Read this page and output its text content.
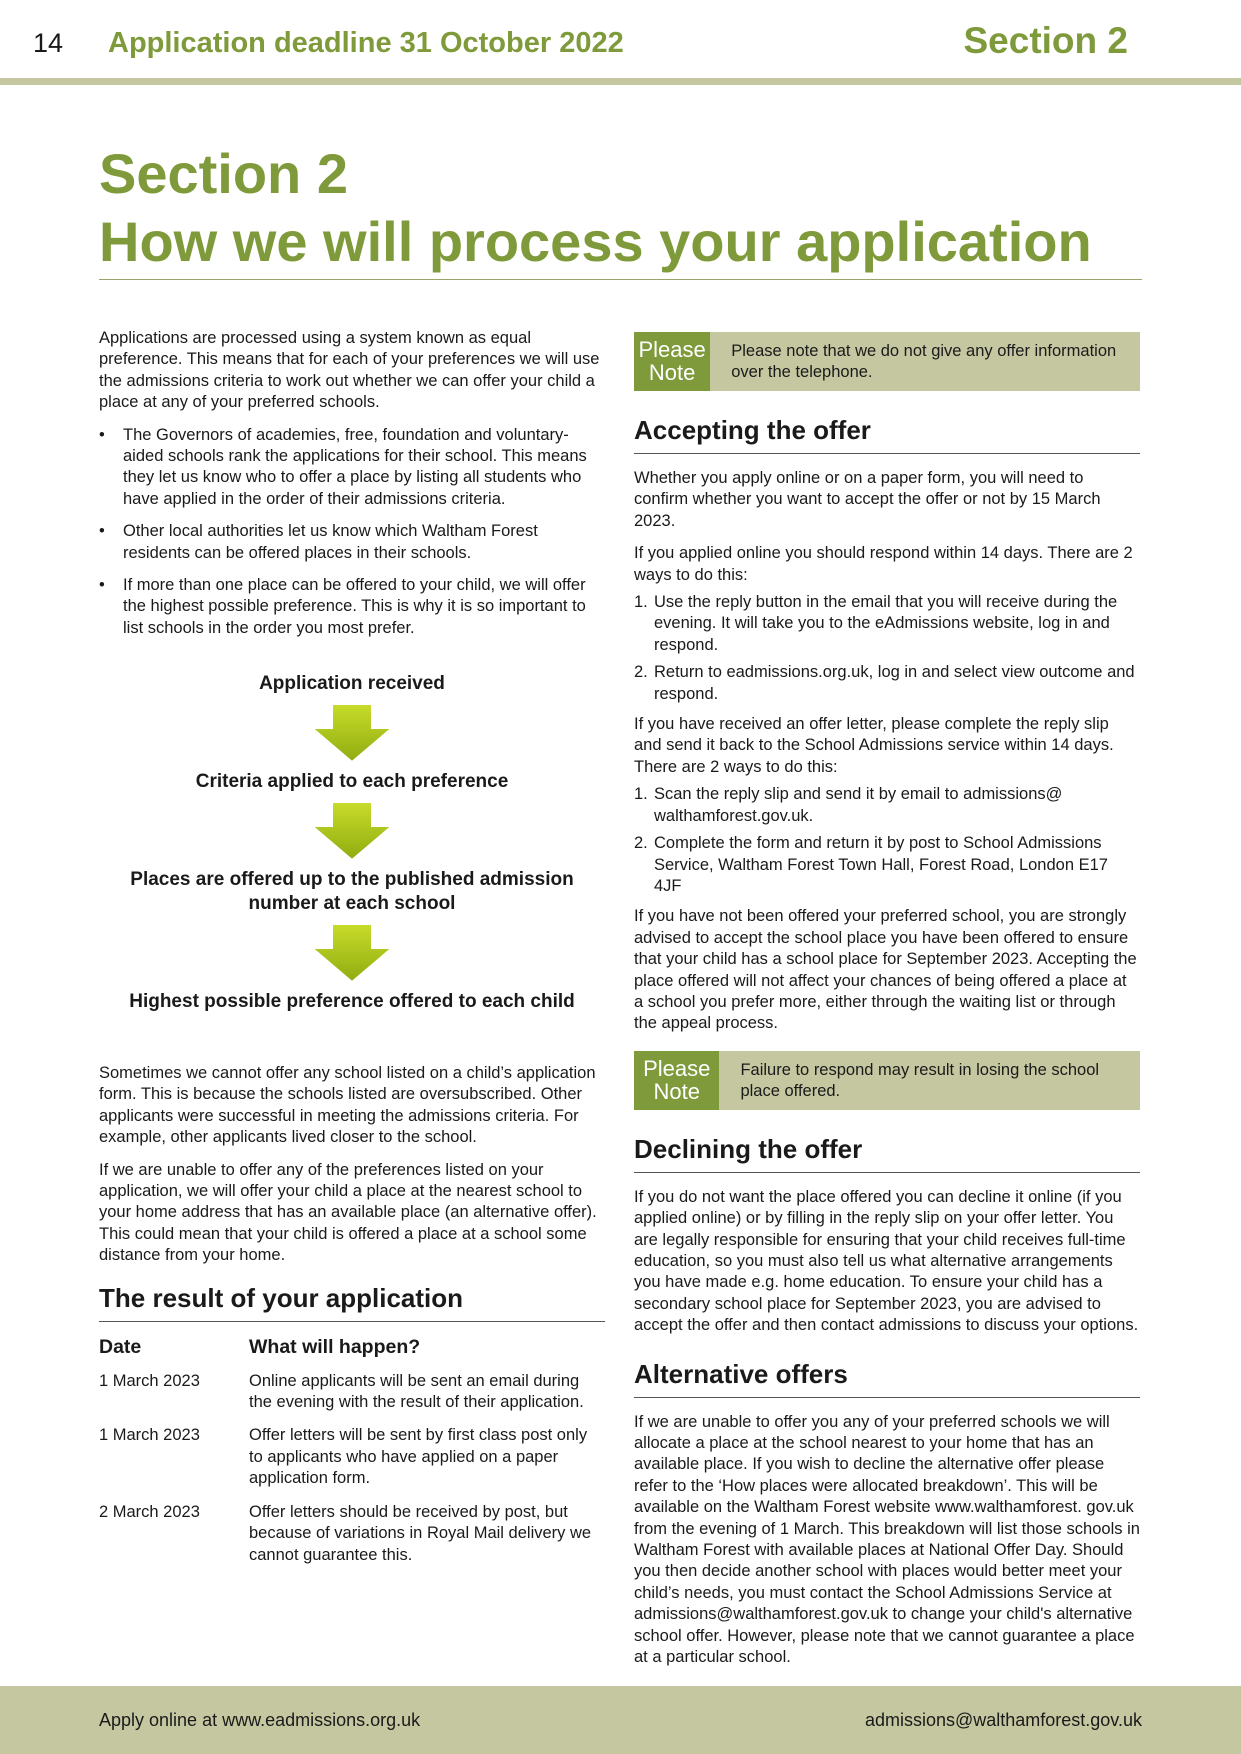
14 Application deadline 31 October 2022	Section 2
Section 2
How we will process your application

Applications are processed using a system known as equal preference. This means that for each of your preferences we will use the admissions criteria to work out whether we can offer your child a place at any of your preferred schools.

• The Governors of academies, free, foundation and voluntary-aided schools rank the applications for their school. This means they let us know who to offer a place by listing all students who have applied in the order of their admissions criteria.
• Other local authorities let us know which Waltham Forest residents can be offered places in their schools.
• If more than one place can be offered to your child, we will offer the highest possible preference. This is why it is so important to list schools in the order you most prefer.
Application received
Criteria applied to each preference
Places are offered up to the published admission number at each school
Highest possible preference offered to each child

Sometimes we cannot offer any school listed on a child’s application form. This is because the schools listed are oversubscribed. Other applicants were successful in meeting the admissions criteria. For example, other applicants lived closer to the school.

If we are unable to offer any of the preferences listed on your application, we will offer your child a place at the nearest school to your home address that has an available place (an alternative offer). This could mean that your child is offered a place at a school some distance from your home.

The result of your application
Date	What will happen?
1 March 2023	Online applicants will be sent an email during the evening with the result of their application.
1 March 2023	Offer letters will be sent by first class post only to applicants who have applied on a paper application form.
2 March 2023	Offer letters should be received by post, but because of variations in Royal Mail delivery we cannot guarantee this.
Please Note
Please note that we do not give any offer information over the telephone.
Accepting the offer

Whether you apply online or on a paper form, you will need to confirm whether you want to accept the offer or not by 15 March 2023.

If you applied online you should respond within 14 days. There are 2 ways to do this:

1. Use the reply button in the email that you will receive during the evening. It will take you to the eAdmissions website, log in and respond.
2. Return to eadmissions.org.uk, log in and select view outcome and respond.

If you have received an offer letter, please complete the reply slip and send it back to the School Admissions service within 14 days. There are 2 ways to do this:

1. Scan the reply slip and send it by email to admissions@ walthamforest.gov.uk.
2. Complete the form and return it by post to School Admissions Service, Waltham Forest Town Hall, Forest Road, London E17 4JF

If you have not been offered your preferred school, you are strongly advised to accept the school place you have been offered to ensure that your child has a school place for September 2023. Accepting the place offered will not affect your chances of being offered a place at a school you prefer more, either through the waiting list or through the appeal process.

Please Note
Failure to respond may result in losing the school place offered.
Declining the offer

If you do not want the place offered you can decline it online (if you applied online) or by filling in the reply slip on your offer letter. You are legally responsible for ensuring that your child receives full-time education, so you must also tell us what alternative arrangements you have made e.g. home education. To ensure your child has a secondary school place for September 2023, you are advised to accept the offer and then contact admissions to discuss your options.

Alternative offers

If we are unable to offer you any of your preferred schools we will allocate a place at the school nearest to your home that has an available place. If you wish to decline the alternative offer please refer to the ‘How places were allocated breakdown’. This will be available on the Waltham Forest website www.walthamforest. gov.uk from the evening of 1 March. This breakdown will list those schools in Waltham Forest with available places at National Offer Day. Should you then decide another school with places would better meet your child’s needs, you must contact the School Admissions Service at admissions@walthamforest.gov.uk to change your child's alternative school offer. However, please note that we cannot guarantee a place at a particular school.

Apply online at www.eadmissions.org.uk	admissions@walthamforest.gov.uk
